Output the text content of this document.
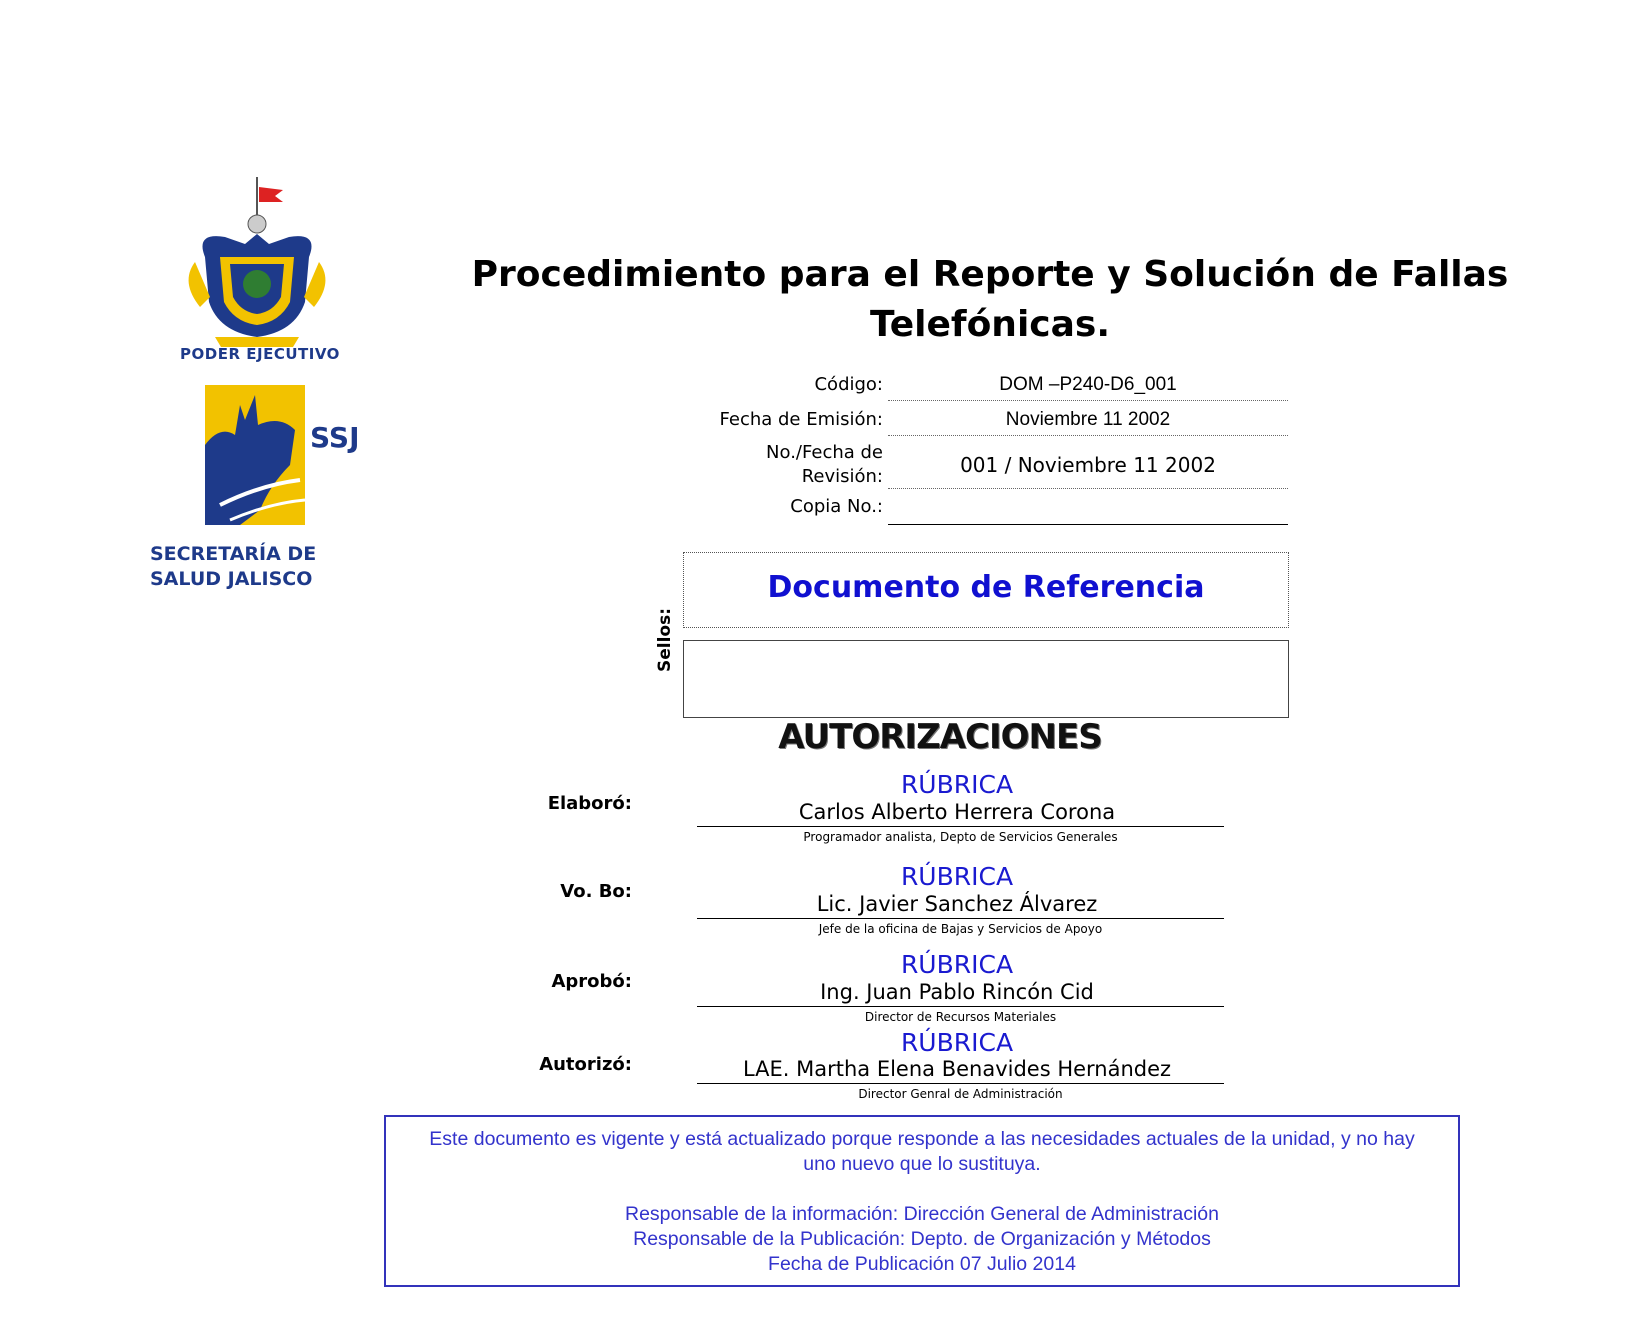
PODER EJECUTIVO
SSJ
SECRETARÍA DE
SALUD JALISCO
Procedimiento para el Reporte y Solución de Fallas
Telefónicas.
Código:	DOM –P240-D6_001
Fecha de Emisión:	Noviembre 11 2002
No./Fecha de
Revisión:	001 / Noviembre 11 2002
Copia No.:
Sellos:
Documento de Referencia
AUTORIZACIONES
Elaboró:
RÚBRICA
Carlos Alberto Herrera Corona
Programador analista, Depto de Servicios Generales
Vo. Bo:
RÚBRICA
Lic. Javier Sanchez Álvarez
Jefe de la oficina de Bajas y Servicios de Apoyo
Aprobó:
RÚBRICA
Ing. Juan Pablo Rincón Cid
Director de Recursos Materiales
Autorizó:
RÚBRICA
LAE. Martha Elena Benavides Hernández
Director Genral de Administración

Este documento es vigente y está actualizado porque responde a las necesidades actuales de la unidad, y no hay uno nuevo que lo sustituya.

Responsable de la información: Dirección General de Administración

Responsable de la Publicación: Depto. de Organización y Métodos

Fecha de Publicación 07 Julio 2014
